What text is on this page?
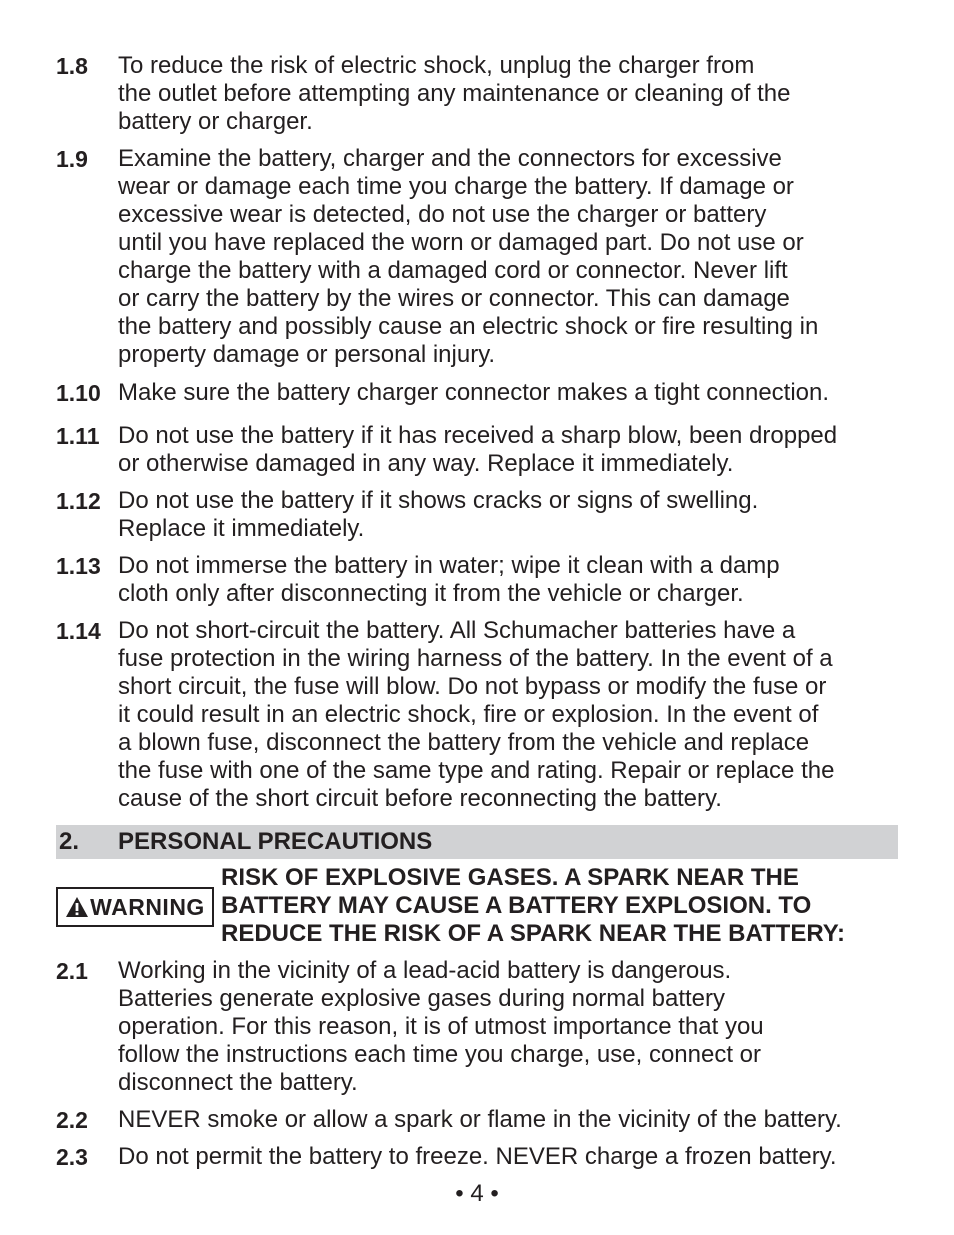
1.8	To reduce the risk of electric shock, unplug the charger from
the outlet before attempting any maintenance or cleaning of the
battery or charger.
1.9	Examine the battery, charger and the connectors for excessive
wear or damage each time you charge the battery. If damage or
excessive wear is detected, do not use the charger or battery
until you have replaced the worn or damaged part. Do not use or
charge the battery with a damaged cord or connector. Never lift
or carry the battery by the wires or connector. This can damage
the battery and possibly cause an electric shock or fire resulting in
property damage or personal injury.
1.10 Make sure the battery charger connector makes a tight connection.
1.11 Do not use the battery if it has received a sharp blow, been dropped
or otherwise damaged in any way. Replace it immediately.
1.12 Do not use the battery if it shows cracks or signs of swelling.
Replace it immediately.
1.13 Do not immerse the battery in water; wipe it clean with a damp
cloth only after disconnecting it from the vehicle or charger.
1.14 Do not short-circuit the battery. All Schumacher batteries have a
fuse protection in the wiring harness of the battery. In the event of a
short circuit, the fuse will blow. Do not bypass or modify the fuse or
it could result in an electric shock, fire or explosion. In the event of
a blown fuse, disconnect the battery from the vehicle and replace
the fuse with one of the same type and rating. Repair or replace the
cause of the short circuit before reconnecting the battery.
2.	PERSONAL PRECAUTIONS
WARNING
RISK OF EXPLOSIVE GASES. A SPARK NEAR THE
BATTERY MAY CAUSE A BATTERY EXPLOSION. TO
REDUCE THE RISK OF A SPARK NEAR THE BATTERY:
2.1	Working in the vicinity of a lead-acid battery is dangerous.
Batteries generate explosive gases during normal battery
operation. For this reason, it is of utmost importance that you
follow the instructions each time you charge, use, connect or
disconnect the battery.
2.2	NEVER smoke or allow a spark or flame in the vicinity of the battery.
2.3	Do not permit the battery to freeze. NEVER charge a frozen battery.
• 4 •
